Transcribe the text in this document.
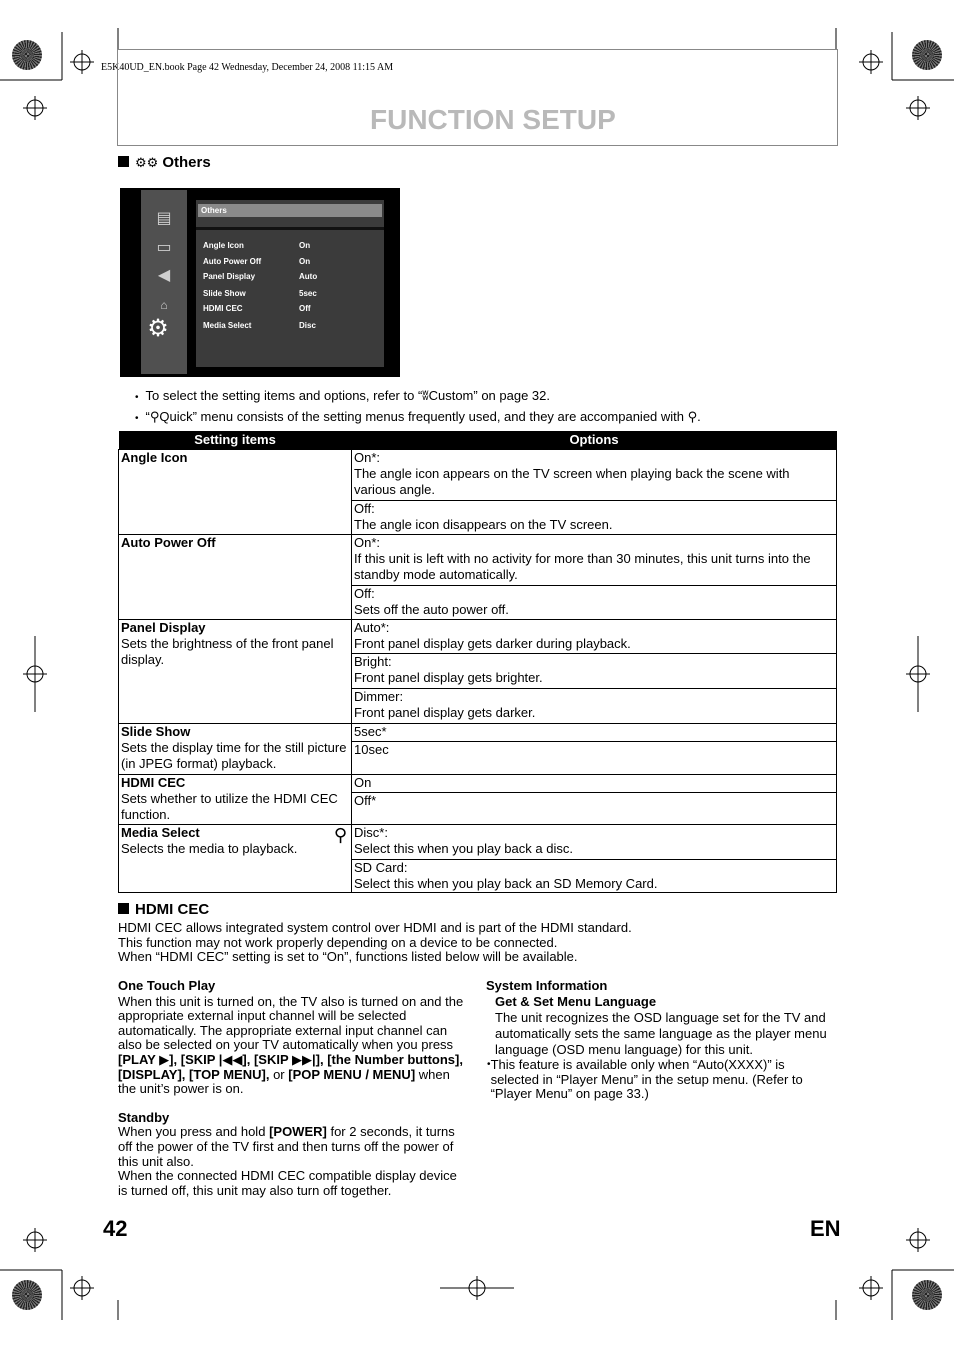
E5K40UD_EN.book Page 42 Wednesday, December 24, 2008 11:15 AM
FUNCTION SETUP
⚙⚙ Others
▤
▭
◀
⌂
⚙
Others
Angle Icon	On
Auto Power Off	On
Panel Display	Auto
Slide Show	5sec
HDMI CEC	Off
Media Select	Disc
• To select the setting items and options, refer to “ʬCustom” on page 32.
• “⚲Quick” menu consists of the setting menus frequently used, and they are accompanied with ⚲.
Setting items	Options

Angle Icon	On*:
The angle icon appears on the TV screen when playing back the scene with various angle.
	Off:
The angle icon disappears on the TV screen.

Auto Power Off	On*:
If this unit is left with no activity for more than 30 minutes, this unit turns into the standby mode automatically.
	Off:
Sets off the auto power off.

Panel Display
Sets the brightness of the front panel display.	Auto*:
Front panel display gets darker during playback.
	Bright:
Front panel display gets brighter.
	Dimmer:
Front panel display gets darker.

Slide Show
Sets the display time for the still picture (in JPEG format) playback.	5sec*
	10sec

HDMI CEC
Sets whether to utilize the HDMI CEC function.	On
	Off*

Media Select
Selects the media to playback.
⚲	Disc*:
Select this when you play back a disc.
	SD Card:
Select this when you play back an SD Memory Card.
HDMI CEC
HDMI CEC allows integrated system control over HDMI and is part of the HDMI standard.
This function may not work properly depending on a device to be connected.
When “HDMI CEC” setting is set to “On”, functions listed below will be available.
One Touch Play
When this unit is turned on, the TV also is turned on and the appropriate external input channel will be selected automatically. The appropriate external input channel can also be selected on your TV automatically when you press [PLAY ▶], [SKIP |◀◀], [SKIP ▶▶|], [the Number buttons], [DISPLAY], [TOP MENU], or [POP MENU / MENU] when the unit’s power is on.
Standby
When you press and hold [POWER] for 2 seconds, it turns off the power of the TV first and then turns off the power of this unit also.
When the connected HDMI CEC compatible display device is turned off, this unit may also turn off together.
System Information
Get & Set Menu Language
The unit recognizes the OSD language set for the TV and automatically sets the same language as the player menu language (OSD menu language) for this unit.
• This feature is available only when “Auto(XXXX)” is selected in “Player Menu” in the setup menu. (Refer to “Player Menu” on page 33.)
42	EN
